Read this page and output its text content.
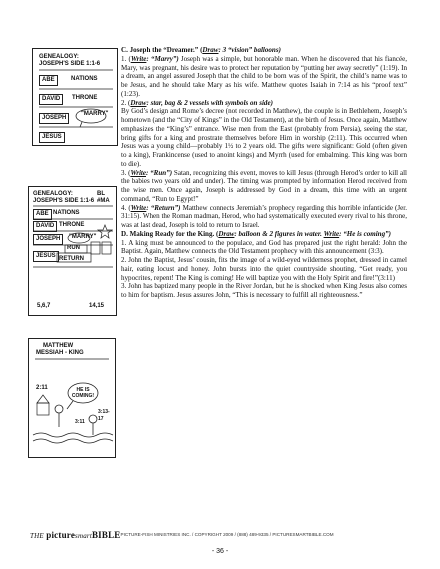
GENEALOGY:
JOSEPH'S SIDE 1:1-6
ABE	NATIONS
DAVID	THRONE
JOSEPH
"MARRY"
JESUS
GENEALOGY:
JOSEPH'S SIDE 1:1-6
BL
#MA
ABE NATIONS
DAVID THRONE
JOSEPH	"MARRY"
JESUS
RUN
RETURN
5,6,7	14,15
MATTHEW
MESSIAH - KING
2:11	HE IS COMING!
3:13-17
3:11

C. Joseph the “Dreamer.” (Draw: 3 “vision” balloons)

1. (Write: “Marry”) Joseph was a simple, but honorable man. When he discovered that his fiancée, Mary, was pregnant, his desire was to protect her reputation by “putting her away secretly” (1:19). In a dream, an angel assured Joseph that the child to be born was of the Spirit, the child’s name was to be Jesus, and he should take Mary as his wife. Matthew quotes Isaiah in 7:14 as his “proof text” (1:23).

2. (Draw: star, bag & 2 vessels with symbols on side)

By God’s design and Rome’s decree (not recorded in Matthew), the couple is in Bethlehem, Joseph’s hometown (and the “City of Kings” in the Old Testament), at the birth of Jesus. Once again, Matthew emphasizes the “King’s” entrance. Wise men from the East (probably from Persia), seeing the star, bring gifts for a king and prostrate themselves before Him in worship (2:11). This occurred when Jesus was a young child—probably 1½ to 2 years old. The gifts were significant: Gold (often given to a king), Frankincense (used to anoint kings) and Myrrh (used for embalming. This king was born to die).

3. (Write: “Run”) Satan, recognizing this event, moves to kill Jesus (through Herod’s order to kill all the babies two years old and under). The timing was prompted by information Herod received from the wise men. Once again, Joseph is addressed by God in a dream, this time with an urgent command, “Run to Egypt!”

4. (Write: “Return”) Matthew connects Jeremiah’s prophecy regarding this horrible infanticide (Jer. 31:15). When the Roman madman, Herod, who had systematically executed every rival to his throne, was at last dead, Joseph is told to return to Israel.

D. Making Ready for the King. (Draw: balloon & 2 figures in water. Write: “He is coming”)

1. A king must be announced to the populace, and God has prepared just the right herald: John the Baptist. Again, Matthew connects the Old Testament prophecy with this announcement (3:3).

2. John the Baptist, Jesus’ cousin, fits the image of a wild-eyed wilderness prophet, dressed in camel hair, eating locust and honey. John bursts into the quiet countryside shouting, “Get ready, you hypocrites, repent! The King is coming! He will baptize you with the Holy Spirit and fire!”(3:11)

3. John has baptized many people in the River Jordan, but he is shocked when King Jesus also comes to him for baptism. Jesus assures John, “This is necessary to fulfill all righteousness.”

THE picturesmartBIBLE
/ PICTURE-FISH MINISTRIES INC. / COPYRIGHT 2009 / (888) 489-9335 / PICTURESMARTBIBLE.COM
- 36 -
